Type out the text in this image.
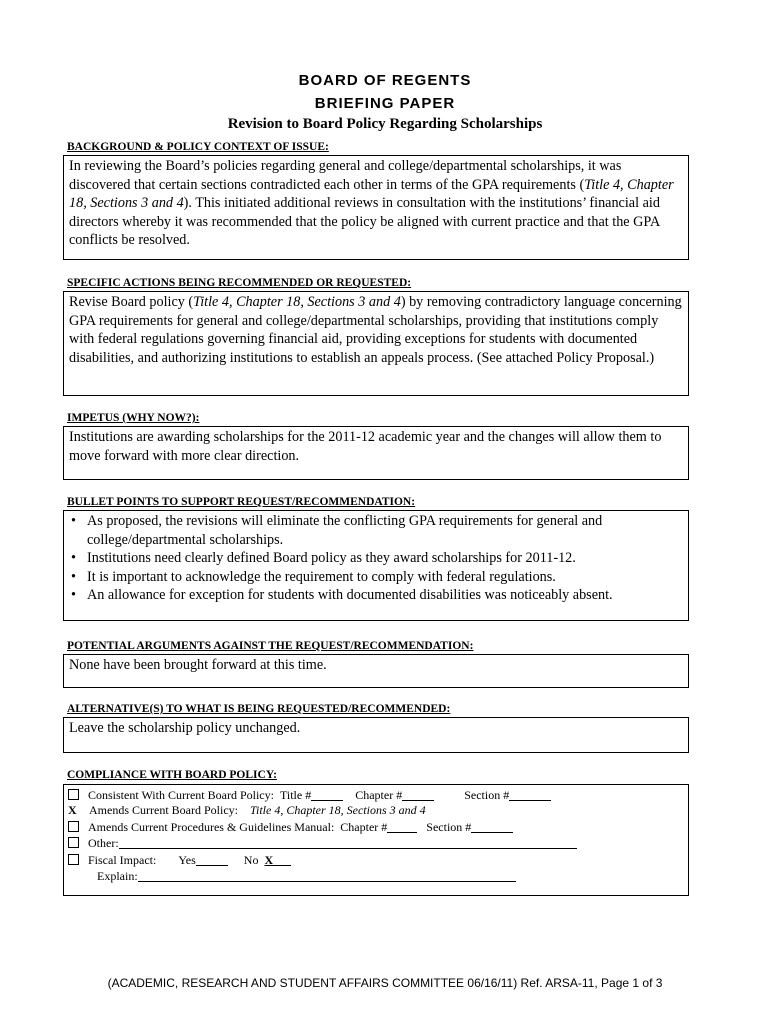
BOARD OF REGENTS
BRIEFING PAPER
Revision to Board Policy Regarding Scholarships
BACKGROUND & POLICY CONTEXT OF ISSUE:

In reviewing the Board’s policies regarding general and college/departmental scholarships, it was discovered that certain sections contradicted each other in terms of the GPA requirements (Title 4, Chapter 18, Sections 3 and 4). This initiated additional reviews in consultation with the institutions’ financial aid directors whereby it was recommended that the policy be aligned with current practice and that the GPA conflicts be resolved.

SPECIFIC ACTIONS BEING RECOMMENDED OR REQUESTED:

Revise Board policy (Title 4, Chapter 18, Sections 3 and 4) by removing contradictory language concerning GPA requirements for general and college/departmental scholarships, providing that institutions comply with federal regulations governing financial aid, providing exceptions for students with documented disabilities, and authorizing institutions to establish an appeals process. (See attached Policy Proposal.)

IMPETUS (WHY NOW?):

Institutions are awarding scholarships for the 2011-12 academic year and the changes will allow them to move forward with more clear direction.

BULLET POINTS TO SUPPORT REQUEST/RECOMMENDATION:
• As proposed, the revisions will eliminate the conflicting GPA requirements for general and college/departmental scholarships.
• Institutions need clearly defined Board policy as they award scholarships for 2011-12.
• It is important to acknowledge the requirement to comply with federal regulations.
• An allowance for exception for students with documented disabilities was noticeably absent.
POTENTIAL ARGUMENTS AGAINST THE REQUEST/RECOMMENDATION:

None have been brought forward at this time.

ALTERNATIVE(S) TO WHAT IS BEING REQUESTED/RECOMMENDED:

Leave the scholarship policy unchanged.

COMPLIANCE WITH BOARD POLICY:
Consistent With Current Board Policy: Title #	Chapter #	Section #
X Amends Current Board Policy: Title 4, Chapter 18, Sections 3 and 4
Amends Current Procedures & Guidelines Manual: Chapter #	Section #
Other:
Fiscal Impact: Yes	No X
Explain:
(ACADEMIC, RESEARCH AND STUDENT AFFAIRS COMMITTEE 06/16/11) Ref. ARSA-11, Page 1 of 3
